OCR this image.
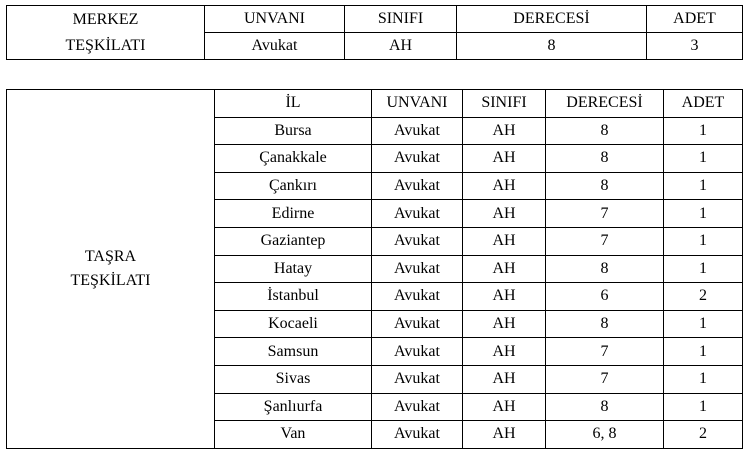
MERKEZ
TEŞKİLATI	UNVANI	SINIFI	DERECESİ	ADET
	Avukat	AH	8	3
TAŞRA
TEŞKİLATI	İL	UNVANI	SINIFI	DERECESİ	ADET
	Bursa	Avukat	AH	8	1
	Çanakkale	Avukat	AH	8	1
	Çankırı	Avukat	AH	8	1
	Edirne	Avukat	AH	7	1
	Gaziantep	Avukat	AH	7	1
	Hatay	Avukat	AH	8	1
	İstanbul	Avukat	AH	6	2
	Kocaeli	Avukat	AH	8	1
	Samsun	Avukat	AH	7	1
	Sivas	Avukat	AH	7	1
	Şanlıurfa	Avukat	AH	8	1
	Van	Avukat	AH	6, 8	2
